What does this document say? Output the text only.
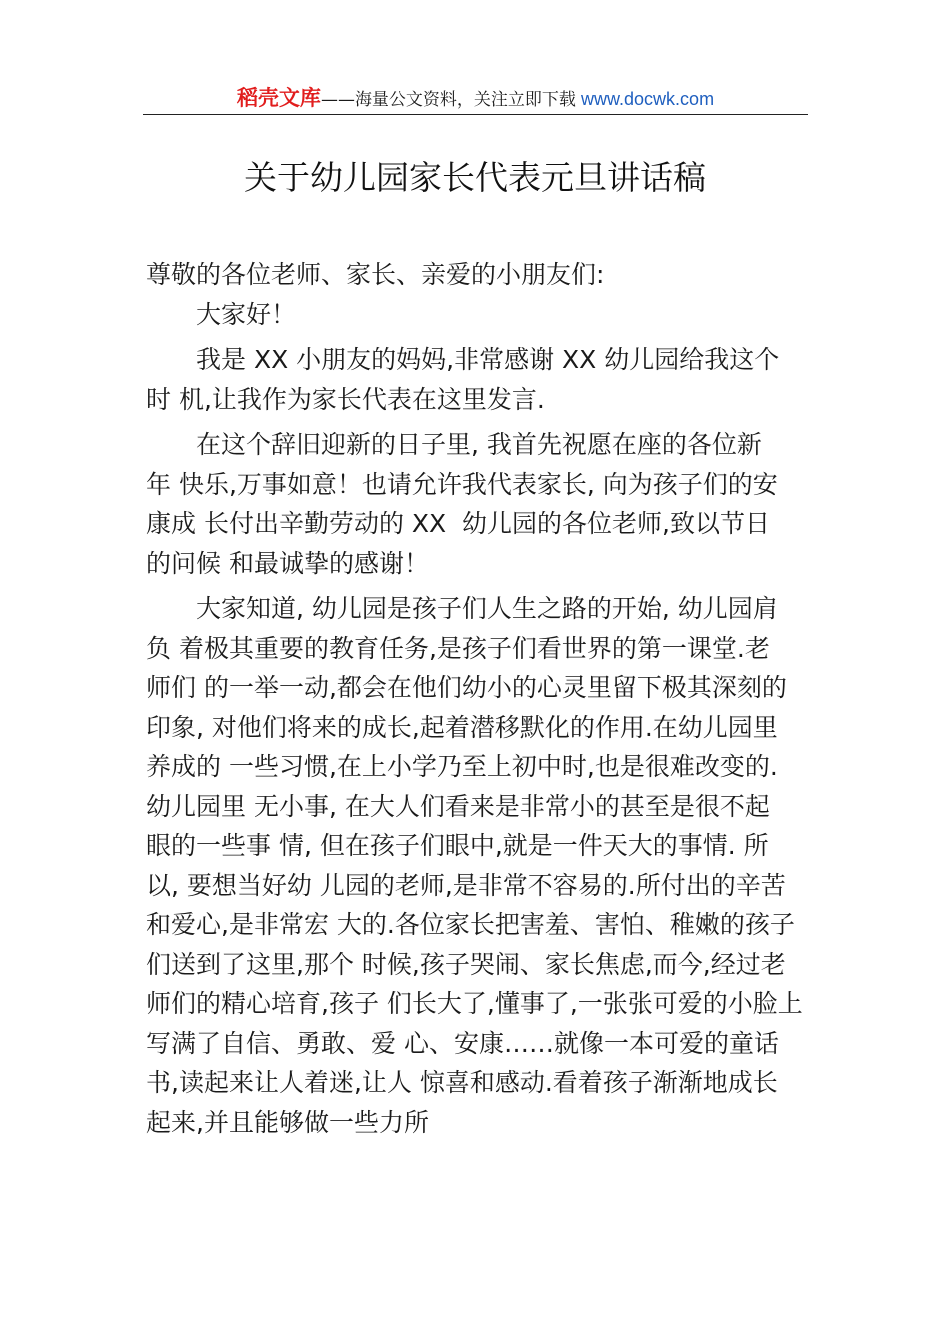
稻壳文库——海量公文资料，关注立即下载 www.docwk.com
关于幼儿园家长代表元旦讲话稿
尊敬的各位老师、家长、亲爱的小朋友们:
大家好！
我是 XX 小朋友的妈妈,非常感谢 XX 幼儿园给我这个
时 机,让我作为家长代表在这里发言.
在这个辞旧迎新的日子里, 我首先祝愿在座的各位新
年 快乐,万事如意！也请允许我代表家长, 向为孩子们的安
康成 长付出辛勤劳动的 XX  幼儿园的各位老师,致以节日
的问候 和最诚挚的感谢！
大家知道, 幼儿园是孩子们人生之路的开始, 幼儿园肩
负 着极其重要的教育任务,是孩子们看世界的第一课堂.老
师们 的一举一动,都会在他们幼小的心灵里留下极其深刻的
印象, 对他们将来的成长,起着潜移默化的作用.在幼儿园里
养成的 一些习惯,在上小学乃至上初中时,也是很难改变的.
幼儿园里 无小事, 在大人们看来是非常小的甚至是很不起
眼的一些事 情, 但在孩子们眼中,就是一件天大的事情. 所
以, 要想当好幼 儿园的老师,是非常不容易的.所付出的辛苦
和爱心,是非常宏 大的.各位家长把害羞、害怕、稚嫩的孩子
们送到了这里,那个 时候,孩子哭闹、家长焦虑,而今,经过老
师们的精心培育,孩子 们长大了,懂事了,一张张可爱的小脸上
写满了自信、勇敢、爱 心、安康……就像一本可爱的童话
书,读起来让人着迷,让人 惊喜和感动.看着孩子渐渐地成长
起来,并且能够做一些力所
